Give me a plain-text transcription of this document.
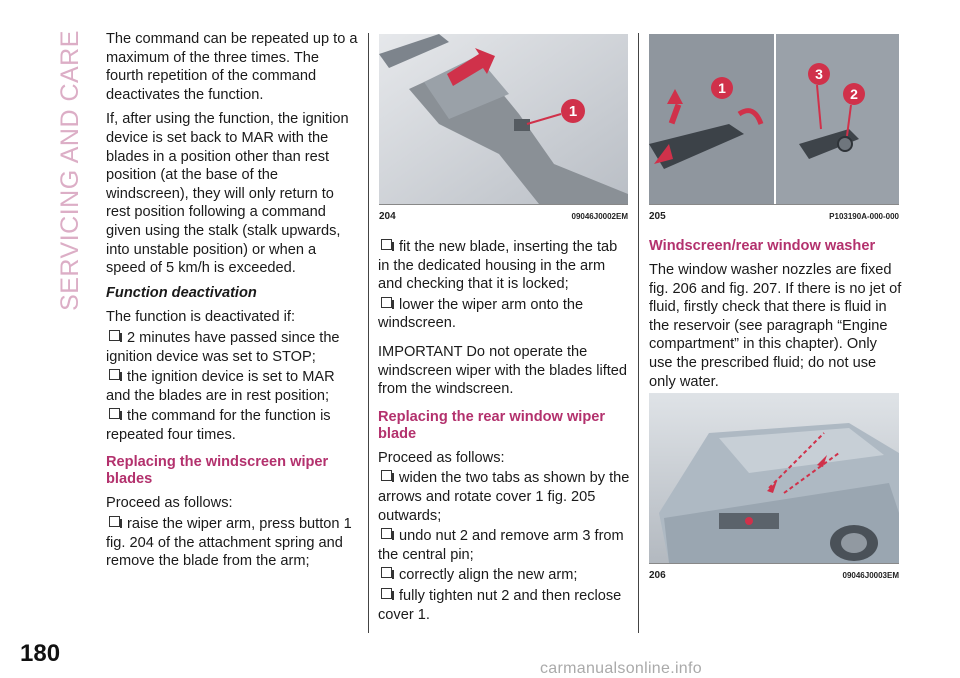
SERVICING AND CARE
180
carmanualsonline.info

The command can be repeated up to a maximum of the three times. The fourth repetition of the command deactivates the function.

If, after using the function, the ignition device is set back to MAR with the blades in a position other than rest position (at the base of the windscreen), they will only return to rest position following a command given using the stalk (stalk upwards, into unstable position) or when a speed of 5 km/h is exceeded.

Function deactivation

The function is deactivated if:

2 minutes have passed since the ignition device was set to STOP;
the ignition device is set to MAR and the blades are in rest position;
the command for the function is repeated four times.
Replacing the windscreen wiper blades

Proceed as follows:

raise the wiper arm, press button 1 fig. 204 of the attachment spring and remove the blade from the arm;
1
204	09046J0002EM
fit the new blade, inserting the tab in the dedicated housing in the arm and checking that it is locked;
lower the wiper arm onto the windscreen.

IMPORTANT Do not operate the windscreen wiper with the blades lifted from the windscreen.

Replacing the rear window wiper blade

Proceed as follows:

widen the two tabs as shown by the arrows and rotate cover 1 fig. 205 outwards;
undo nut 2 and remove arm 3 from the central pin;
correctly align the new arm;
fully tighten nut 2 and then reclose cover 1.
1
3
2
205	P103190A-000-000
Windscreen/rear window washer

The window washer nozzles are fixed fig. 206 and fig. 207. If there is no jet of fluid, firstly check that there is fluid in the reservoir (see paragraph “Engine compartment” in this chapter). Only use the prescribed fluid; do not use only water.

206	09046J0003EM
